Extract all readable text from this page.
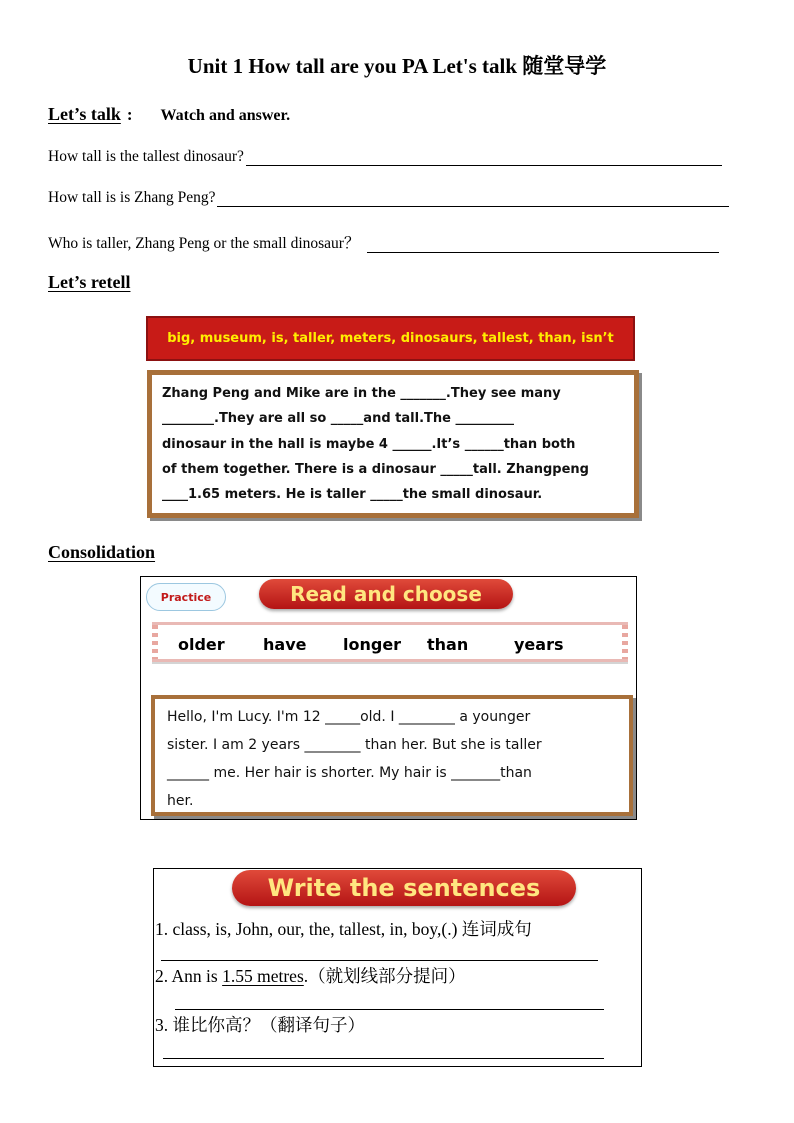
Unit 1 How tall are you PA Let's talk 随堂导学
Let’s talk : Watch and answer.
How tall is the tallest dinosaur?
How tall is is Zhang Peng?
Who is taller, Zhang Peng or the small dinosaur？
Let’s retell
big, museum, is, taller, meters, dinosaurs, tallest, than, isn’t

Zhang Peng and Mike are in the _______.They see many
________.They are all so _____and tall.The _________
dinosaur in the hall is maybe 4 ______.It’s ______than both
of them together. There is a dinosaur _____tall. Zhangpeng
____1.65 meters. He is taller _____the small dinosaur.

Consolidation
Practice	Read and choose
older have longer than	years

Hello, I'm Lucy. I'm 12 _____old. I ________ a younger
sister. I am 2 years ________ than her. But she is taller
______ me. Her hair is shorter. My hair is _______than
her.

Write the sentences
1. class, is, John, our, the, tallest, in, boy,(.) 连词成句
2. Ann is 1.55 metres.（就划线部分提问）
3. 谁比你高？（翻译句子）
